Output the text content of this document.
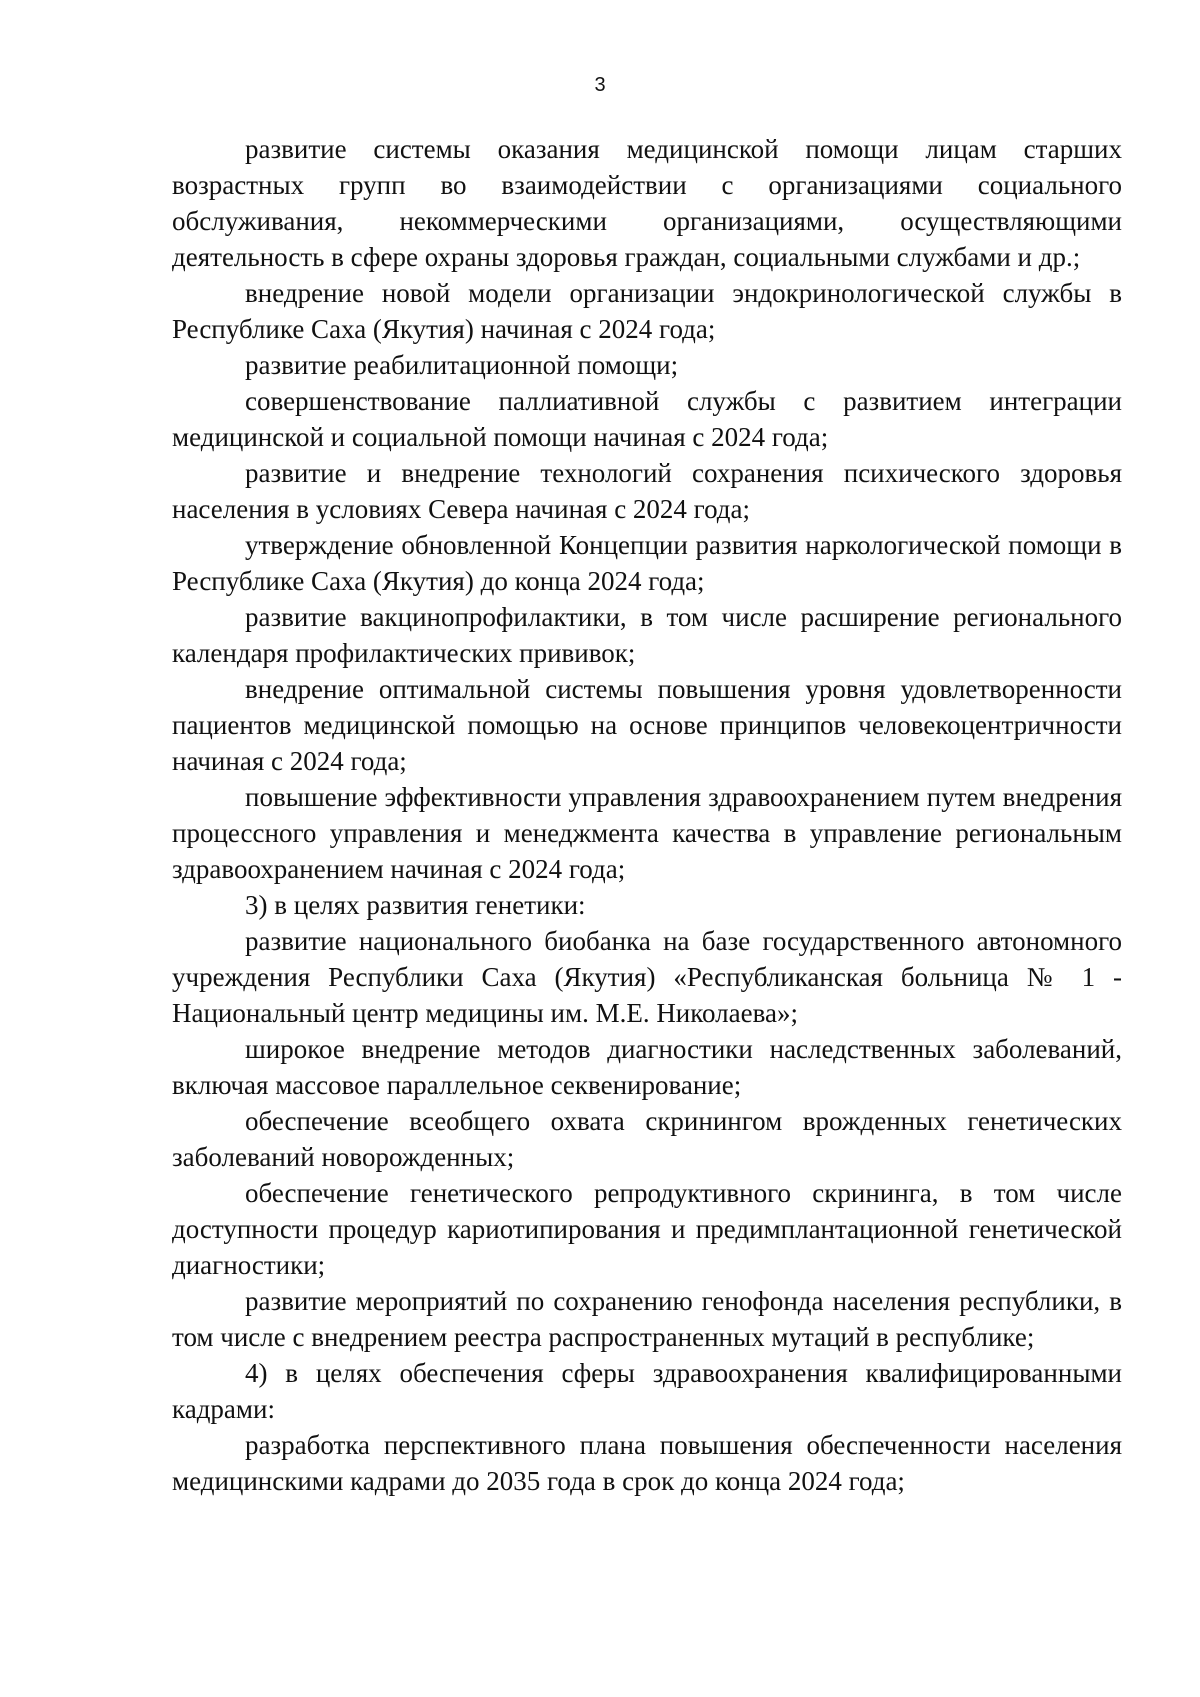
3

развитие системы оказания медицинской помощи лицам старших возрастных групп во взаимодействии с организациями социального обслуживания, некоммерческими организациями, осуществляющими деятельность в сфере охраны здоровья граждан, социальными службами и др.;

внедрение новой модели организации эндокринологической службы в Республике Саха (Якутия) начиная с 2024 года;

развитие реабилитационной помощи;

совершенствование паллиативной службы с развитием интеграции медицинской и социальной помощи начиная с 2024 года;

развитие и внедрение технологий сохранения психического здоровья населения в условиях Севера начиная с 2024 года;

утверждение обновленной Концепции развития наркологической помощи в Республике Саха (Якутия) до конца 2024 года;

развитие вакцинопрофилактики, в том числе расширение регионального календаря профилактических прививок;

внедрение оптимальной системы повышения уровня удовлетворенности пациентов медицинской помощью на основе принципов человекоцентричности начиная с 2024 года;

повышение эффективности управления здравоохранением путем внедрения процессного управления и менеджмента качества в управление региональным здравоохранением начиная с 2024 года;

3) в целях развития генетики:

развитие национального биобанка на базе государственного автономного учреждения Республики Саха (Якутия) «Республиканская больница № 1 - Национальный центр медицины им. М.Е. Николаева»;

широкое внедрение методов диагностики наследственных заболеваний, включая массовое параллельное секвенирование;

обеспечение всеобщего охвата скринингом врожденных генетических заболеваний новорожденных;

обеспечение генетического репродуктивного скрининга, в том числе доступности процедур кариотипирования и предимплантационной генетической диагностики;

развитие мероприятий по сохранению генофонда населения республики, в том числе с внедрением реестра распространенных мутаций в республике;

4) в целях обеспечения сферы здравоохранения квалифицированными кадрами:

разработка перспективного плана повышения обеспеченности населения медицинскими кадрами до 2035 года в срок до конца 2024 года;
